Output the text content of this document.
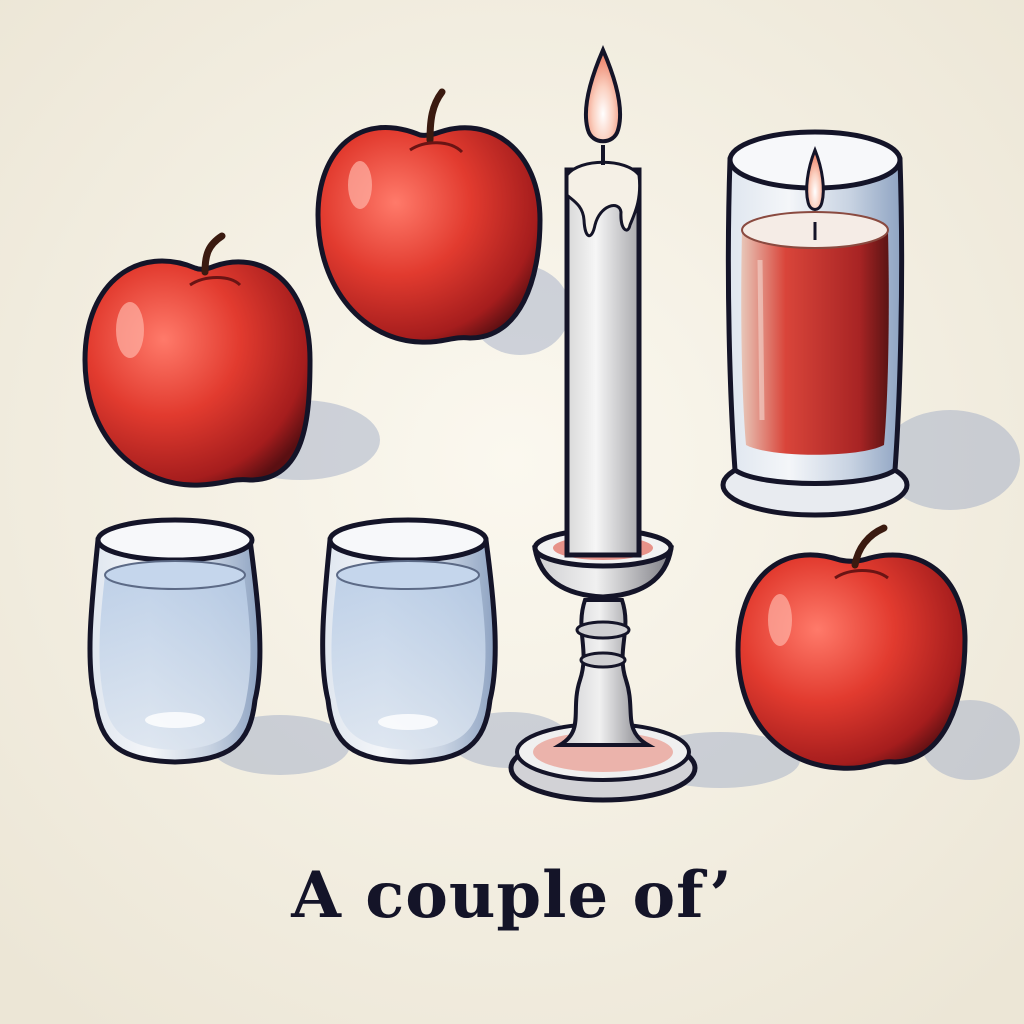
A couple of’
